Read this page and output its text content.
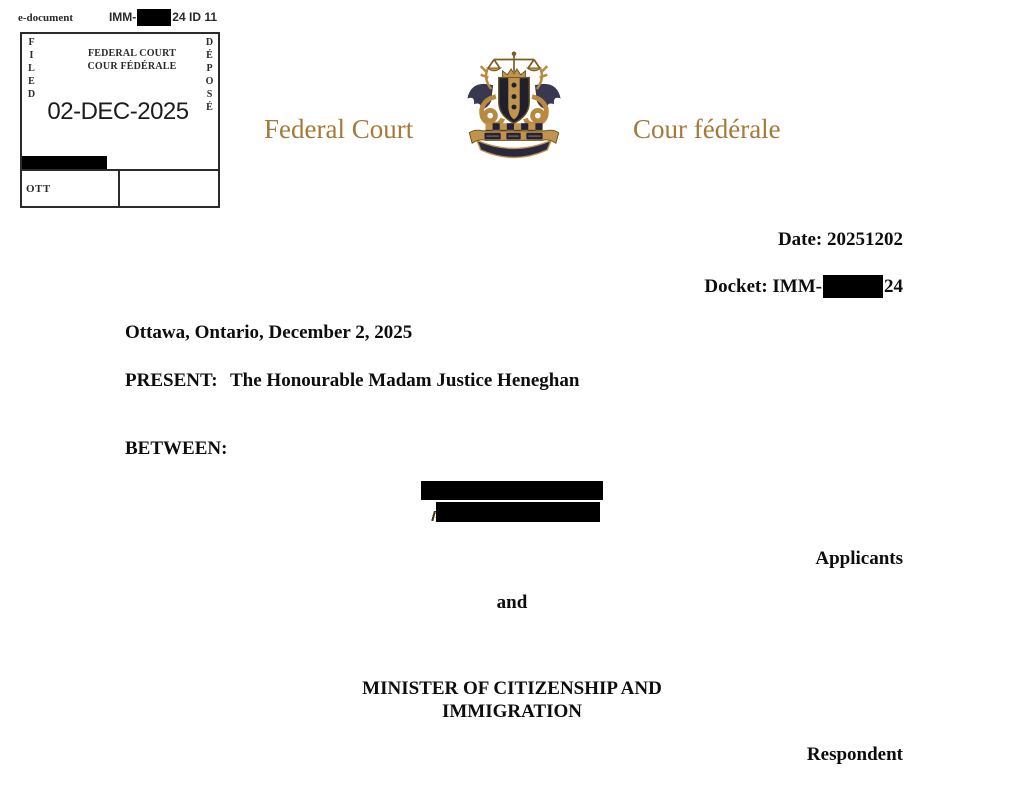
e-document	IMM-	24 ID 11
FILED	DÉPOSÉ
FEDERAL COURT
COUR FÉDÉRALE
02-DEC-2025
OTT
Federal Court	Cour fédérale
Date: 20251202
Docket: IMM-	24
Ottawa, Ontario, December 2, 2025
PRESENT: The Honourable Madam Justice Heneghan
BETWEEN:
Applicants
and
MINISTER OF CITIZENSHIP AND
IMMIGRATION
Respondent
